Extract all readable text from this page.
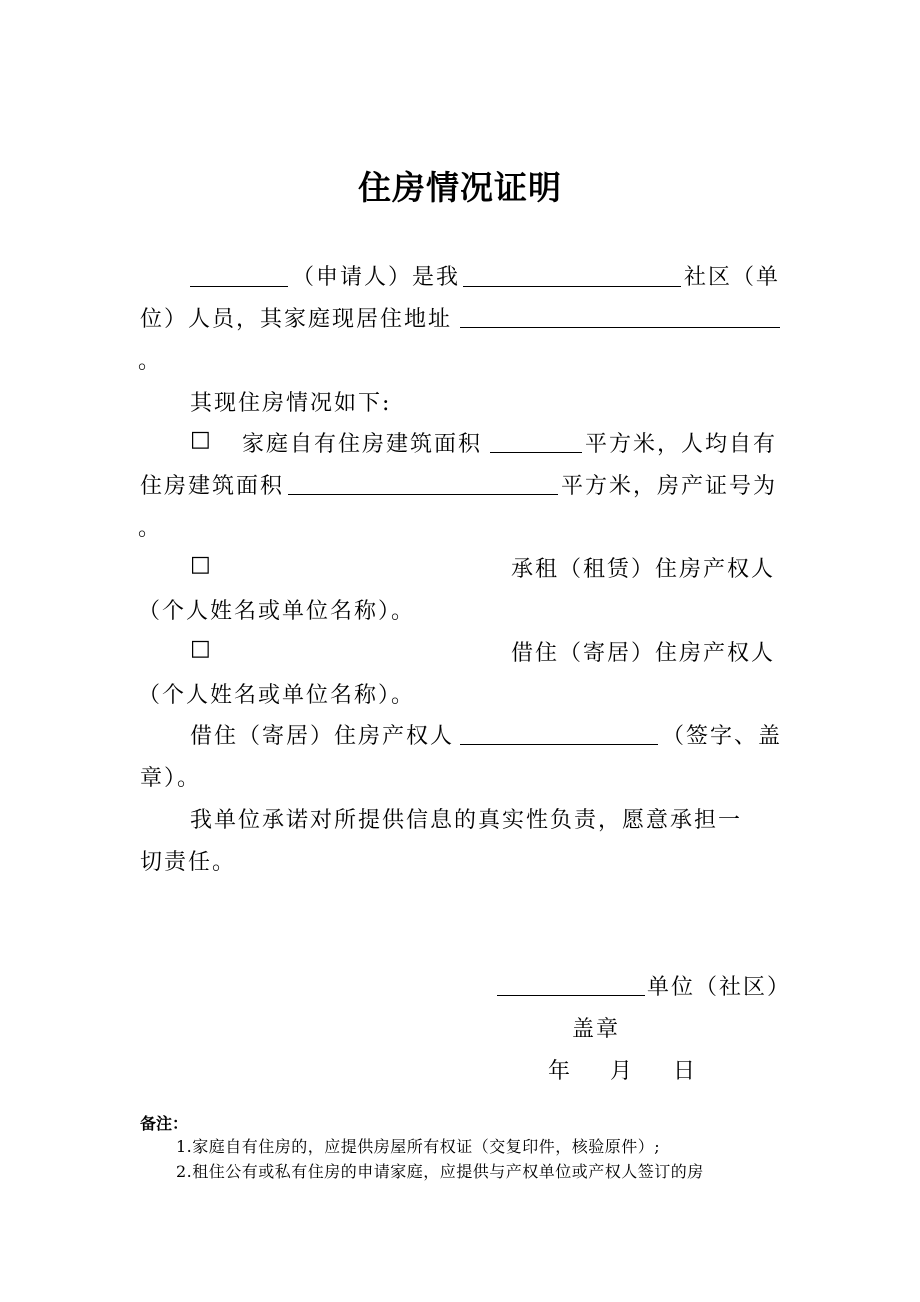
住房情况证明
（申请人）是我	社区（单
位）人员，其家庭现居住地址
。
其现住房情况如下:
□ 家庭自有住房建筑面积	平方米，人均自有
住房建筑面积	平方米，房产证号为
。
□	承租（租赁）住房产权人
（个人姓名或单位名称）。
□	借住（寄居）住房产权人
（个人姓名或单位名称）。
借住（寄居）住房产权人	（签字、盖
章）。
我单位承诺对所提供信息的真实性负责，愿意承担一
切责任。
单位（社区）
盖章
年 月 日
备注：
1.家庭自有住房的，应提供房屋所有权证（交复印件，核验原件）;
2.租住公有或私有住房的申请家庭，应提供与产权单位或产权人签订的房
